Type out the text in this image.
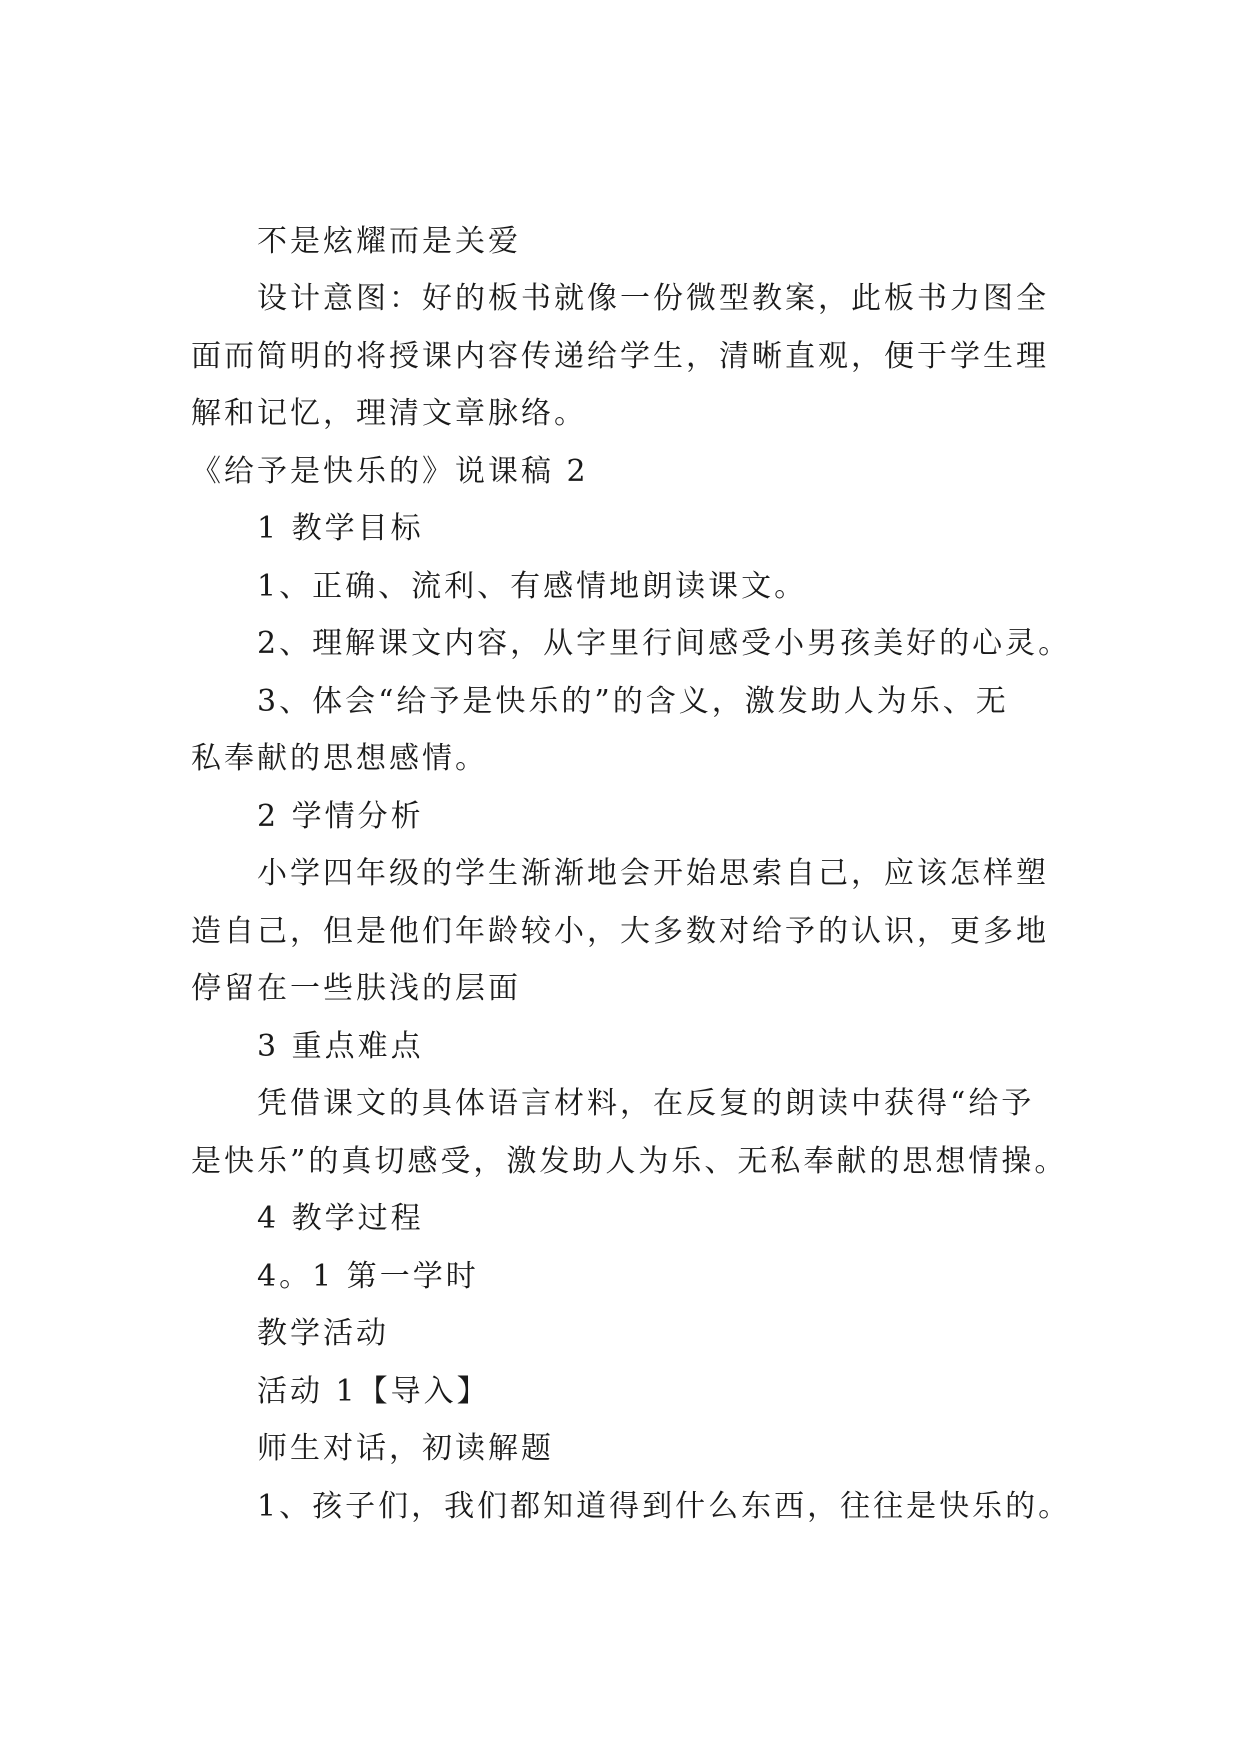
不是炫耀而是关爱
设计意图：好的板书就像一份微型教案，此板书力图全
面而简明的将授课内容传递给学生，清晰直观，便于学生理
解和记忆，理清文章脉络。
《给予是快乐的》说课稿 2
1 教学目标
1、正确、流利、有感情地朗读课文。
2、理解课文内容，从字里行间感受小男孩美好的心灵。
3、体会“给予是快乐的”的含义，激发助人为乐、无
私奉献的思想感情。
2 学情分析
小学四年级的学生渐渐地会开始思索自己，应该怎样塑
造自己，但是他们年龄较小，大多数对给予的认识，更多地
停留在一些肤浅的层面
3 重点难点
凭借课文的具体语言材料，在反复的朗读中获得“给予
是快乐”的真切感受，激发助人为乐、无私奉献的思想情操。
4 教学过程
4。1 第一学时
教学活动
活动 1【导入】
师生对话，初读解题
1、孩子们，我们都知道得到什么东西，往往是快乐的。
